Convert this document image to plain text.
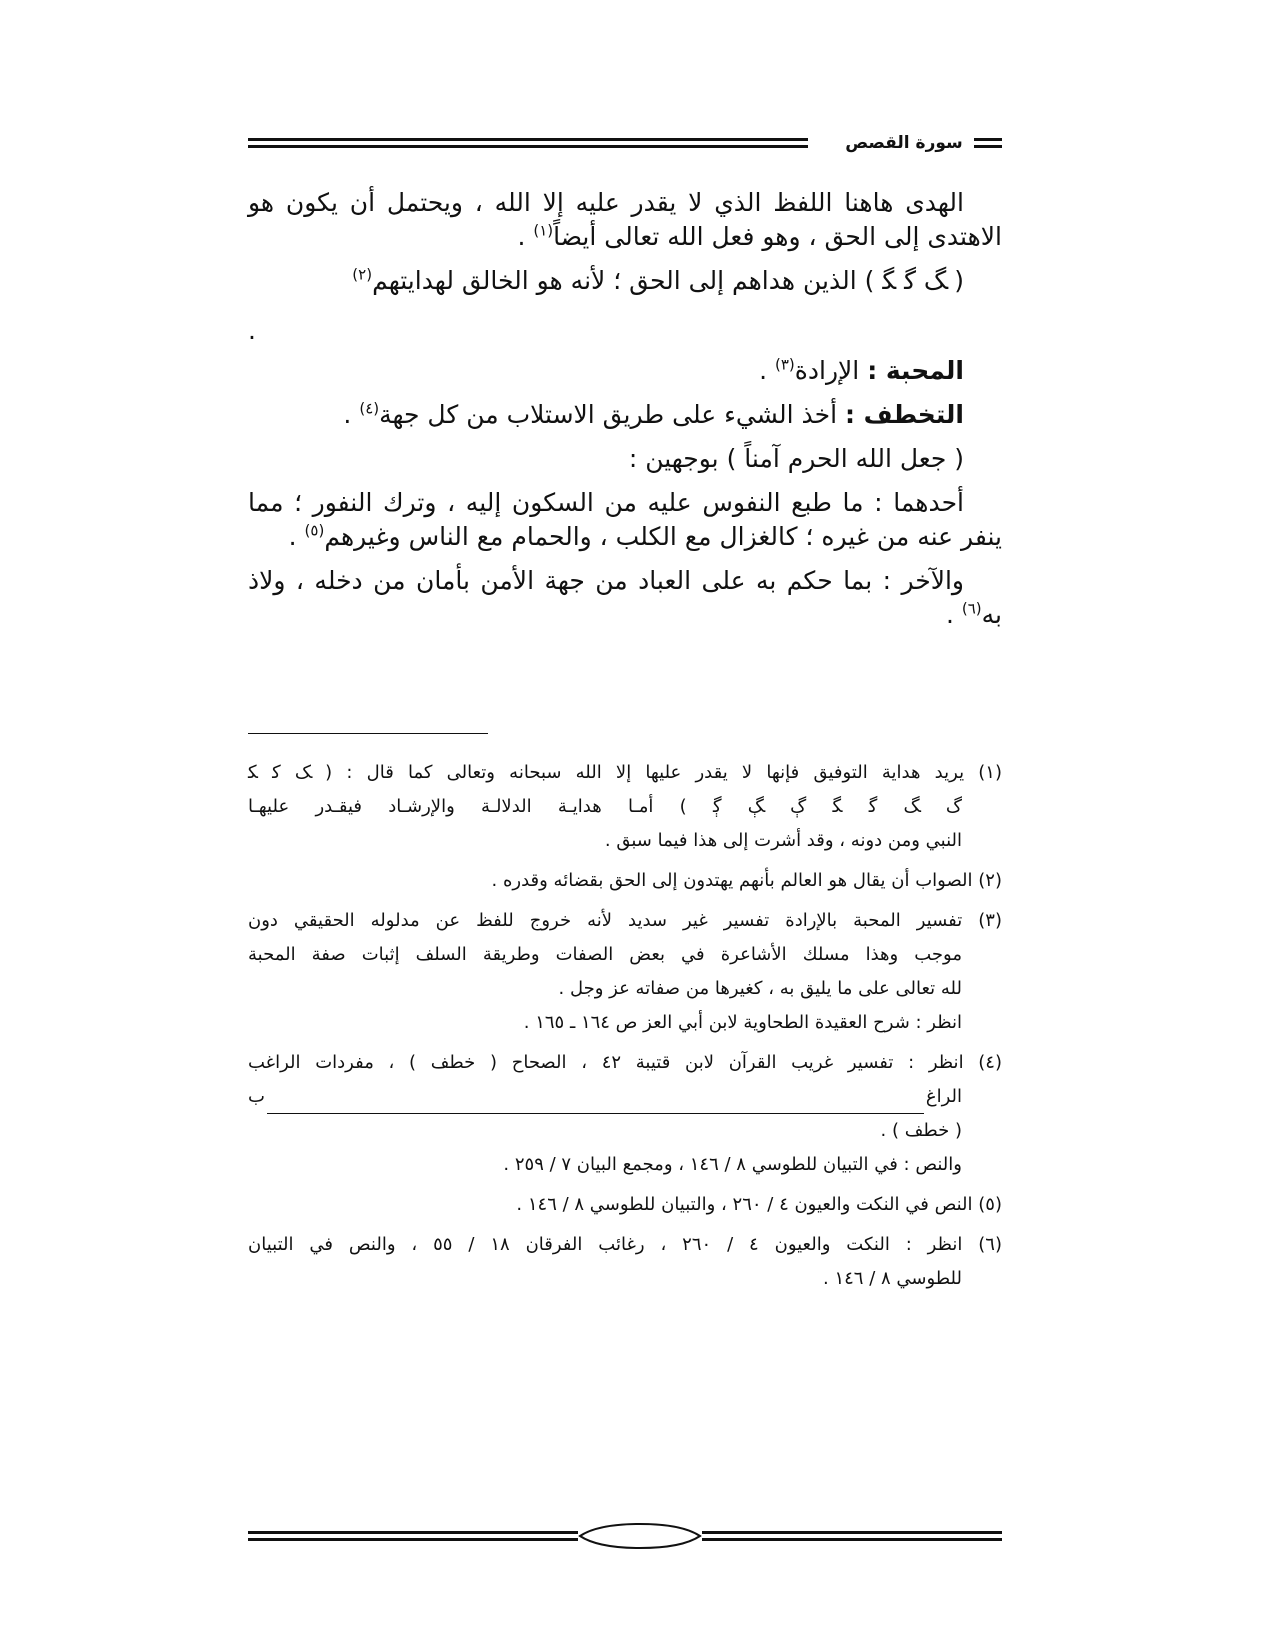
سورة القصص

الهدى هاهنا اللفظ الذي لا يقدر عليه إلا الله ، ويحتمل أن يكون هو الاهتدى إلى الحق ، وهو فعل الله تعالى أيضاً$^{(١)}$ .

( ﮓ ﮔ ﮕ ) الذين هداهم إلى الحق ؛ لأنه هو الخالق لهدايتهم$^{(٢)}$

.

المحبة : الإرادة$^{(٣)}$ .

التخطف : أخذ الشيء على طريق الاستلاب من كل جهة$^{(٤)}$ .

( جعل الله الحرم آمناً ) بوجهين :

أحدهما : ما طبع النفوس عليه من السكون إليه ، وترك النفور ؛ مما ينفر عنه من غيره ؛ كالغزال مع الكلب ، والحمام مع الناس وغيرهم$^{(٥)}$ .

والآخر : بما حكم به على العباد من جهة الأمن بأمان من دخله ، ولاذ به$^{(٦)}$ .

(١) يريد هداية التوفيق فإنها لا يقدر عليها إلا الله سبحانه وتعالى كما قال : ( ﮏ ﮐ ﮑ
ﮒ ﮓ ﮔ ﮕ ﮖ ﮗ ﮘ ) أمـا هدايـة الدلالـة والإرشـاد فيقـدر عليهـا
النبي ومن دونه ، وقد أشرت إلى هذا فيما سبق .
(٢) الصواب أن يقال هو العالم بأنهم يهتدون إلى الحق بقضائه وقدره .
(٣) تفسير المحبة بالإرادة تفسير غير سديد لأنه خروج للفظ عن مدلوله الحقيقي دون
موجب وهذا مسلك الأشاعرة في بعض الصفات وطريقة السلف إثبات صفة المحبة
لله تعالى على ما يليق به ، كغيرها من صفاته عز وجل .
انظر : شرح العقيدة الطحاوية لابن أبي العز ص ١٦٤ ـ ١٦٥ .
(٤) انظر : تفسير غريب القرآن لابن قتيبة ٤٢ ، الصحاح ( خطف ) ، مفردات الراغب
الراغ
ب
( خطف ) .
والنص : في التبيان للطوسي ٨ / ١٤٦ ، ومجمع البيان ٧ / ٢٥٩ .
(٥) النص في النكت والعيون ٤ / ٢٦٠ ، والتبيان للطوسي ٨ / ١٤٦ .
(٦) انظر : النكت والعيون ٤ / ٢٦٠ ، رغائب الفرقان ١٨ / ٥٥ ، والنص في التبيان
للطوسي ٨ / ١٤٦ .
